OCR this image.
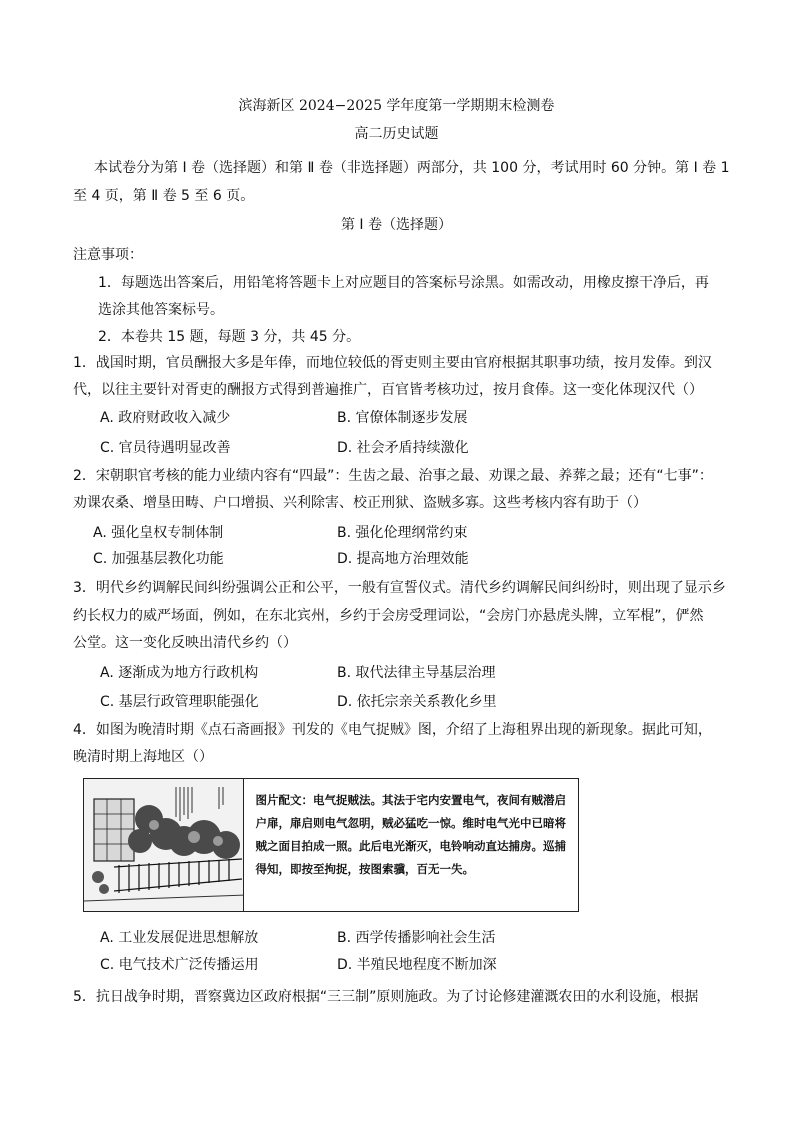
滨海新区 2024−2025 学年度第一学期期末检测卷
高二历史试题
本试卷分为第 Ⅰ 卷（选择题）和第 Ⅱ 卷（非选择题）两部分，共 100 分，考试用时 60 分钟。第 Ⅰ 卷 1
至 4 页，第 Ⅱ 卷 5 至 6 页。
第 Ⅰ 卷（选择题）
注意事项：
1．每题选出答案后，用铅笔将答题卡上对应题目的答案标号涂黑。如需改动，用橡皮擦干净后，再
选涂其他答案标号。
2．本卷共 15 题，每题 3 分，共 45 分。
1．战国时期，官员酬报大多是年俸，而地位较低的胥吏则主要由官府根据其职事功绩，按月发俸。到汉
代，以往主要针对胥吏的酬报方式得到普遍推广，百官皆考核功过，按月食俸。这一变化体现汉代（）
A. 政府财政收入减少	B. 官僚体制逐步发展
C. 官员待遇明显改善	D. 社会矛盾持续激化
2．宋朝职官考核的能力业绩内容有“四最”：生齿之最、治事之最、劝课之最、养葬之最；还有“七事”：
劝课农桑、增垦田畴、户口增损、兴利除害、校正刑狱、盗贼多寡。这些考核内容有助于（）
A. 强化皇权专制体制	B. 强化伦理纲常约束
C. 加强基层教化功能	D. 提高地方治理效能
3．明代乡约调解民间纠纷强调公正和公平，一般有宣誓仪式。清代乡约调解民间纠纷时，则出现了显示乡
约长权力的威严场面，例如，在东北宾州，乡约于会房受理词讼，“会房门亦悬虎头牌，立军棍”，俨然
公堂。这一变化反映出清代乡约（）
A. 逐渐成为地方行政机构	B. 取代法律主导基层治理
C. 基层行政管理职能强化	D. 依托宗亲关系教化乡里
4．如图为晚清时期《点石斋画报》刊发的《电气捉贼》图，介绍了上海租界出现的新现象。据此可知，
晚清时期上海地区（）
图片配文：电气捉贼法。其法于宅内安置电气，夜间有贼潜启
户扉，扉启则电气忽明，贼必猛吃一惊。维时电气光中已暗将
贼之面目拍成一照。此后电光渐灭，电铃响动直达捕房。巡捕
得知，即按至拘捉，按图索骥，百无一失。
A. 工业发展促进思想解放	B. 西学传播影响社会生活
C. 电气技术广泛传播运用	D. 半殖民地程度不断加深
5．抗日战争时期，晋察冀边区政府根据“三三制”原则施政。为了讨论修建灌溉农田的水利设施，根据
